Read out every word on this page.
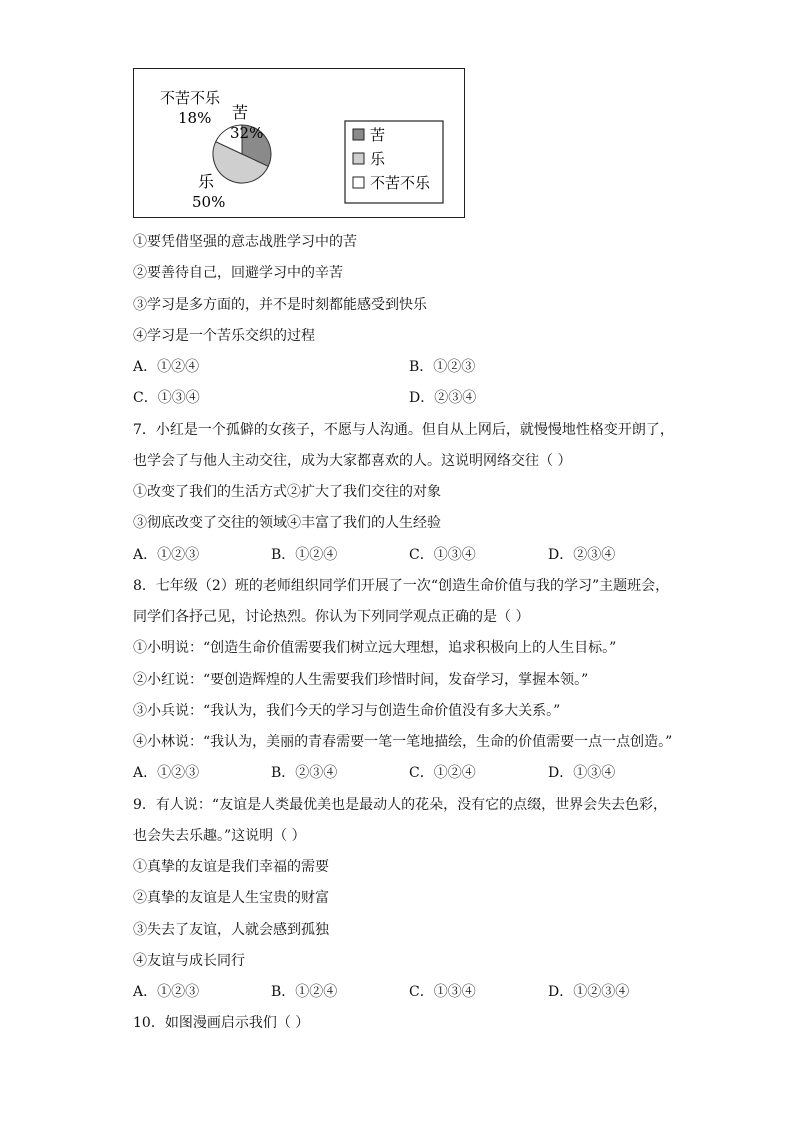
苦
32%
不苦不乐
18%
乐
50%
苦
乐
不苦不乐
①要凭借坚强的意志战胜学习中的苦
②要善待自己，回避学习中的辛苦
③学习是多方面的，并不是时刻都能感受到快乐
④学习是一个苦乐交织的过程
A．①②④	B．①②③
C．①③④	D．②③④
7．小红是一个孤僻的女孩子，不愿与人沟通。但自从上网后，就慢慢地性格变开朗了，
也学会了与他人主动交往，成为大家都喜欢的人。这说明网络交往（ ）
①改变了我们的生活方式②扩大了我们交往的对象
③彻底改变了交往的领域④丰富了我们的人生经验
A．①②③	B．①②④	C．①③④	D．②③④
8．七年级（2）班的老师组织同学们开展了一次“创造生命价值与我的学习”主题班会，
同学们各抒己见，讨论热烈。你认为下列同学观点正确的是（ ）
①小明说：“创造生命价值需要我们树立远大理想，追求积极向上的人生目标。”
②小红说：“要创造辉煌的人生需要我们珍惜时间，发奋学习，掌握本领。”
③小兵说：“我认为，我们今天的学习与创造生命价值没有多大关系。”
④小林说：“我认为，美丽的青春需要一笔一笔地描绘，生命的价值需要一点一点创造。”
A．①②③	B．②③④	C．①②④	D．①③④
9．有人说：“友谊是人类最优美也是最动人的花朵，没有它的点缀，世界会失去色彩，
也会失去乐趣。”这说明（ ）
①真挚的友谊是我们幸福的需要
②真挚的友谊是人生宝贵的财富
③失去了友谊，人就会感到孤独
④友谊与成长同行
A．①②③	B．①②④	C．①③④	D．①②③④
10．如图漫画启示我们（ ）
